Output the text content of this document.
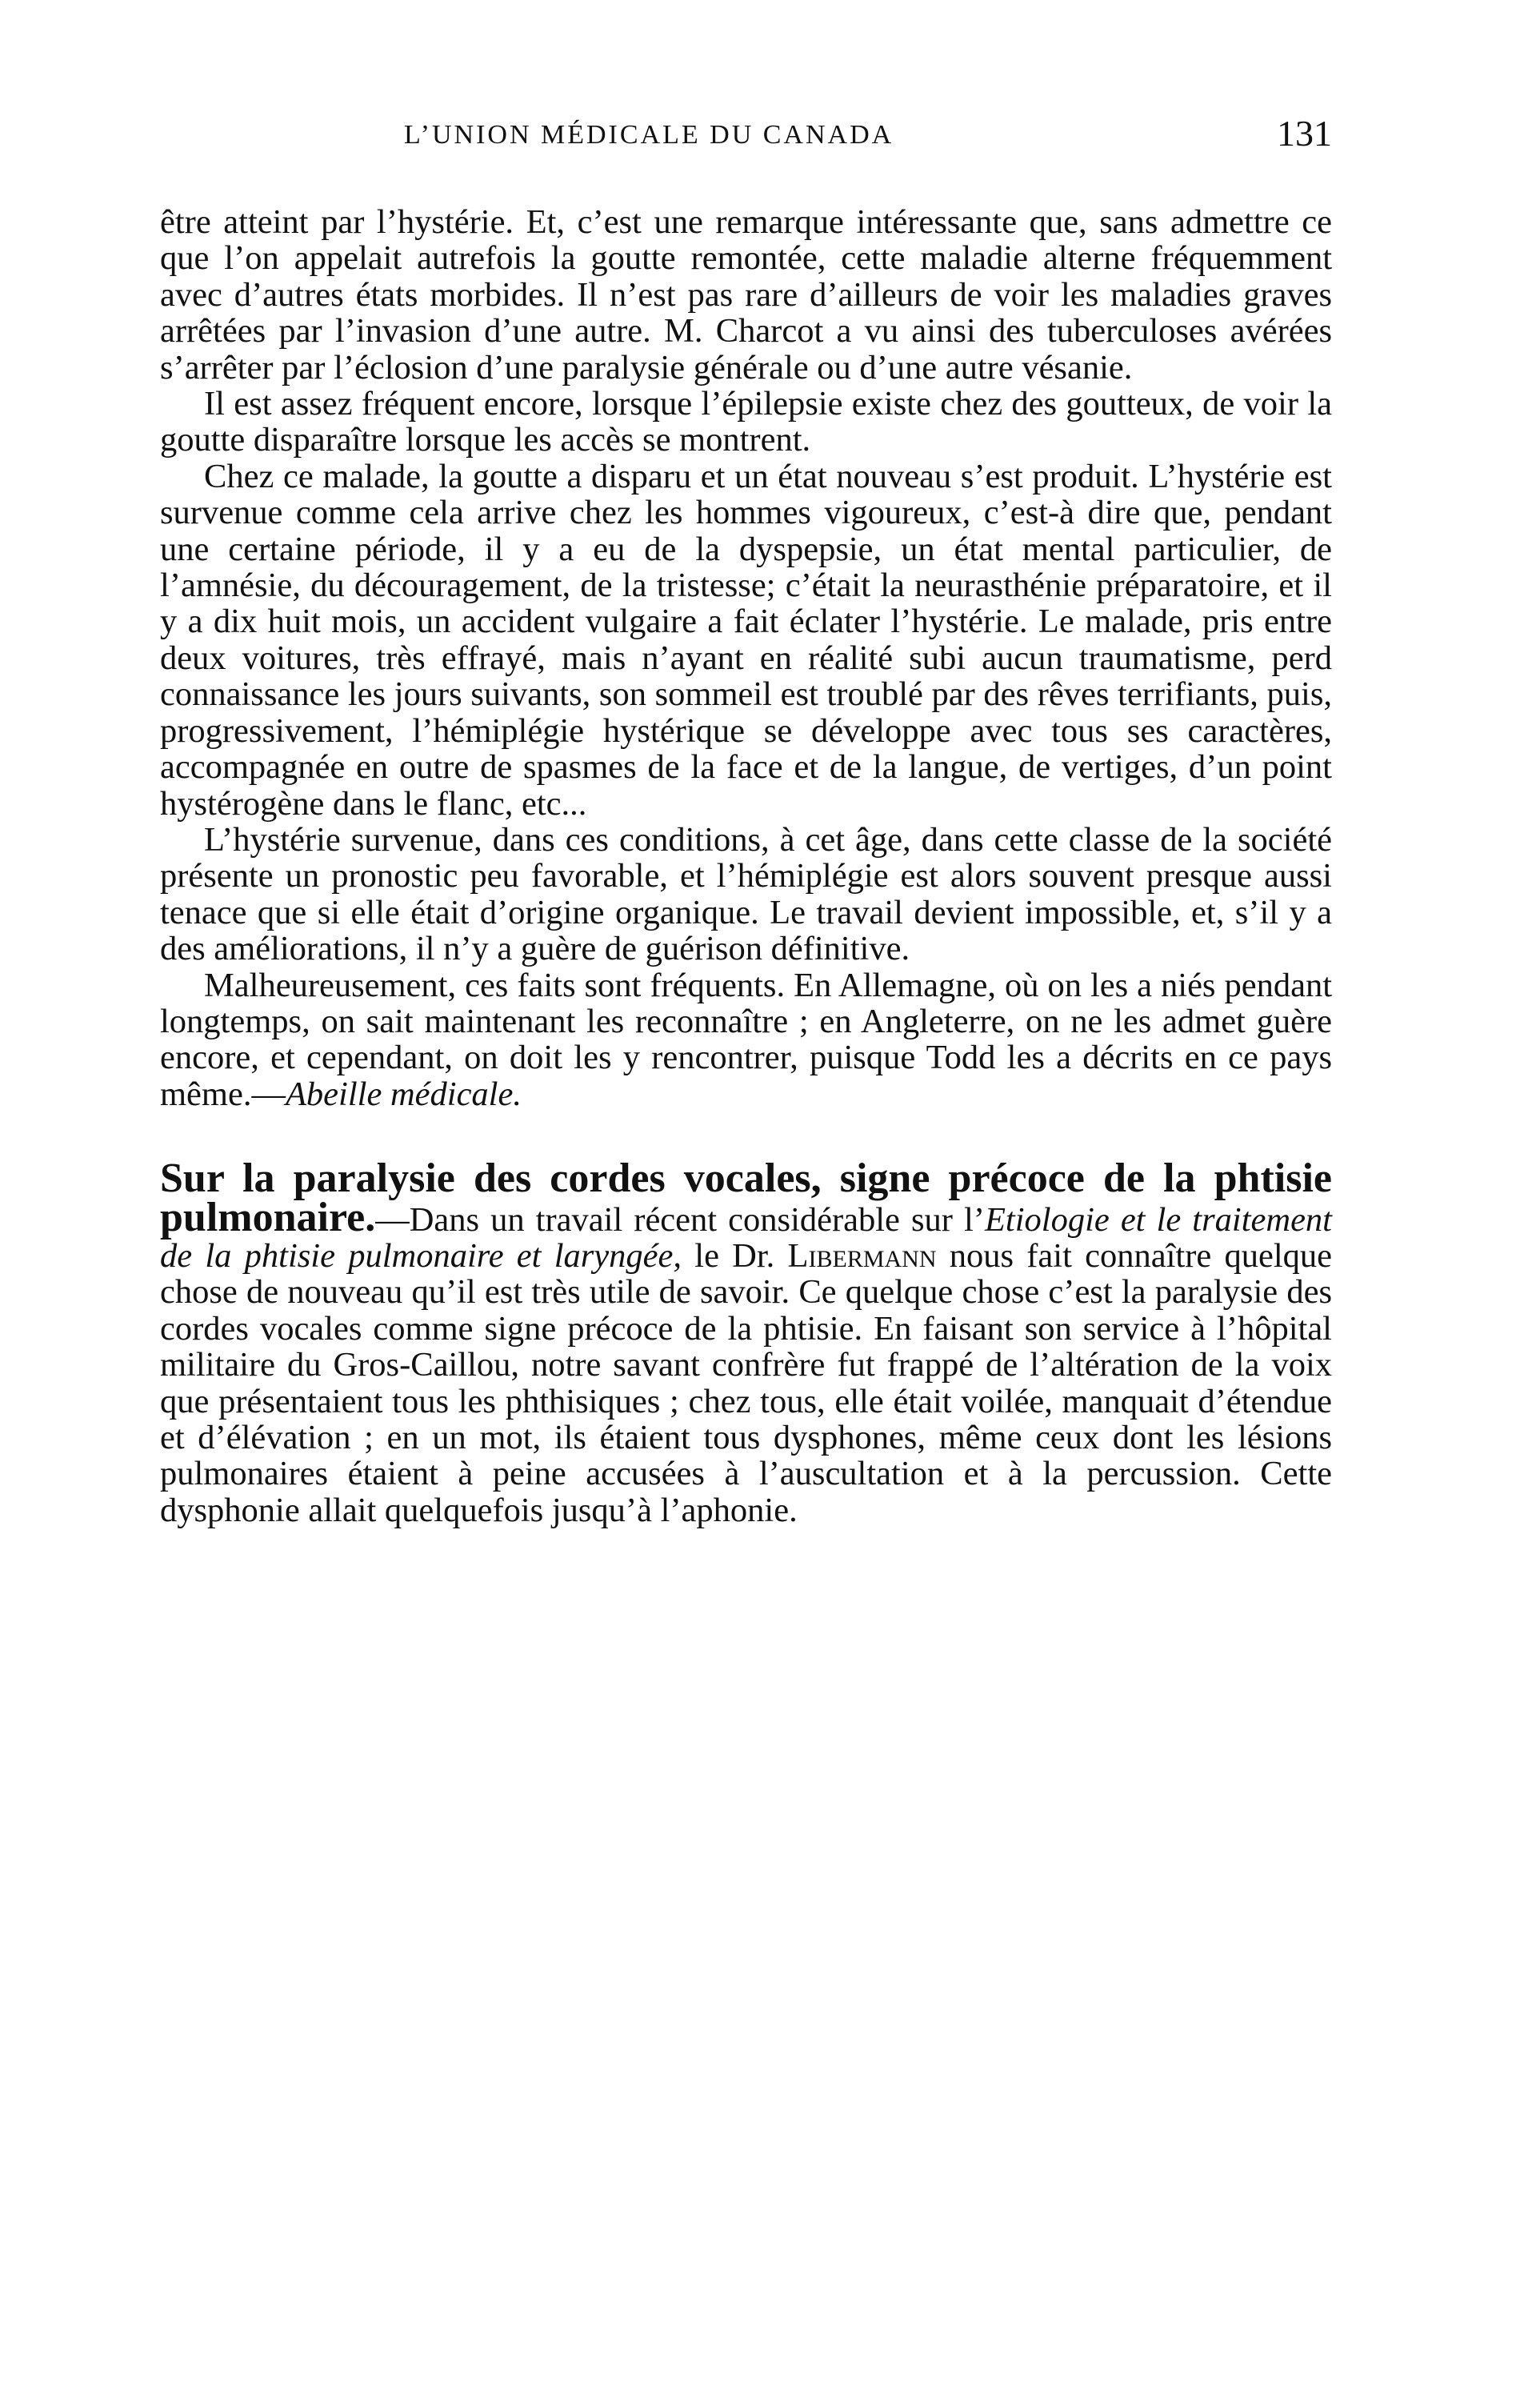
L’UNION MÉDICALE DU CANADA	131

être atteint par l’hystérie. Et, c’est une remarque intéressante que, sans admettre ce que l’on appelait autrefois la goutte remontée, cette maladie alterne fréquemment avec d’autres états morbides. Il n’est pas rare d’ailleurs de voir les maladies graves arrêtées par l’invasion d’une autre. M. Charcot a vu ainsi des tuberculoses avérées s’arrêter par l’éclosion d’une paralysie générale ou d’une autre vésanie.

Il est assez fréquent encore, lorsque l’épilepsie existe chez des goutteux, de voir la goutte disparaître lorsque les accès se montrent.

Chez ce malade, la goutte a disparu et un état nouveau s’est produit. L’hystérie est survenue comme cela arrive chez les hommes vigoureux, c’est-à dire que, pendant une certaine période, il y a eu de la dyspepsie, un état mental particulier, de l’amnésie, du découragement, de la tristesse; c’était la neurasthénie préparatoire, et il y a dix huit mois, un accident vulgaire a fait éclater l’hystérie. Le malade, pris entre deux voitures, très effrayé, mais n’ayant en réalité subi aucun traumatisme, perd connaissance les jours suivants, son sommeil est troublé par des rêves terrifiants, puis, progressivement, l’hémiplégie hystérique se développe avec tous ses caractères, accompagnée en outre de spasmes de la face et de la langue, de vertiges, d’un point hystérogène dans le flanc, etc...

L’hystérie survenue, dans ces conditions, à cet âge, dans cette classe de la société présente un pronostic peu favorable, et l’hémiplégie est alors souvent presque aussi tenace que si elle était d’origine organique. Le travail devient impossible, et, s’il y a des améliorations, il n’y a guère de guérison définitive.

Malheureusement, ces faits sont fréquents. En Allemagne, où on les a niés pendant longtemps, on sait maintenant les reconnaître ; en Angleterre, on ne les admet guère encore, et cependant, on doit les y rencontrer, puisque Todd les a décrits en ce pays même.—Abeille médicale.

Sur la paralysie des cordes vocales, signe précoce de la phtisie pulmonaire.—Dans un travail récent considérable sur l’Etiologie et le traitement de la phtisie pulmonaire et laryngée, le Dr. Libermann nous fait connaître quelque chose de nouveau qu’il est très utile de savoir. Ce quelque chose c’est la paralysie des cordes vocales comme signe précoce de la phtisie. En faisant son service à l’hôpital militaire du Gros-Caillou, notre savant confrère fut frappé de l’altération de la voix que présentaient tous les phthisiques ; chez tous, elle était voilée, manquait d’étendue et d’élévation ; en un mot, ils étaient tous dysphones, même ceux dont les lésions pulmonaires étaient à peine accusées à l’auscultation et à la percussion. Cette dysphonie allait quelquefois jusqu’à l’aphonie.
